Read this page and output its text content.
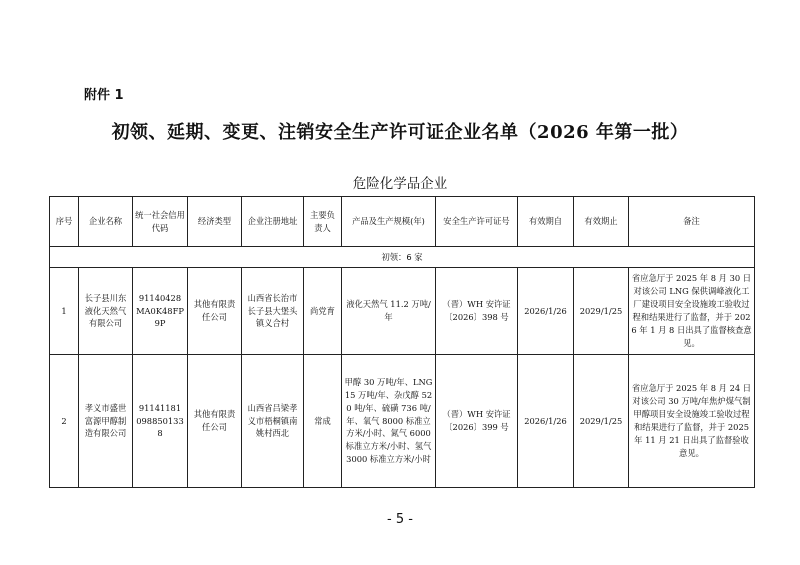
附件 1
初领、延期、变更、注销安全生产许可证企业名单（2026 年第一批）
危险化学品企业
序号	企业名称	统一社会信用代码	经济类型	企业注册地址	主要负责人	产品及生产规模(年)	安全生产许可证号	有效期自	有效期止	备注
初领：6 家										
1	长子县川东液化天然气有限公司	91140428MA0K48FP9P	其他有限责任公司	山西省长治市长子县大堡头镇义合村	尚党育	液化天然气 11.2 万吨/年	（晋）WH 安许证〔2026〕398 号	2026/1/26	2029/1/25	省应急厅于 2025 年 8 月 30 日对该公司 LNG 保供调峰液化工厂建设项目安全设施竣工验收过程和结果进行了监督，并于 2026 年 1 月 8 日出具了监督核查意见。
2	孝义市盛世富源甲醇制造有限公司	91141181 0988501338	其他有限责任公司	山西省吕梁孝义市梧桐镇南姚村西北	常成	甲醇 30 万吨/年、LNG15 万吨/年、杂戊醇 520 吨/年、硫磺 736 吨/年、氧气 8000 标准立方米/小时、氮气 6000 标准立方米/小时、氢气 3000 标准立方米/小时	（晋）WH 安许证〔2026〕399 号	2026/1/26	2029/1/25	省应急厅于 2025 年 8 月 24 日对该公司 30 万吨/年焦炉煤气制甲醇项目安全设施竣工验收过程和结果进行了监督，并于 2025 年 11 月 21 日出具了监督验收意见。
- 5 -
